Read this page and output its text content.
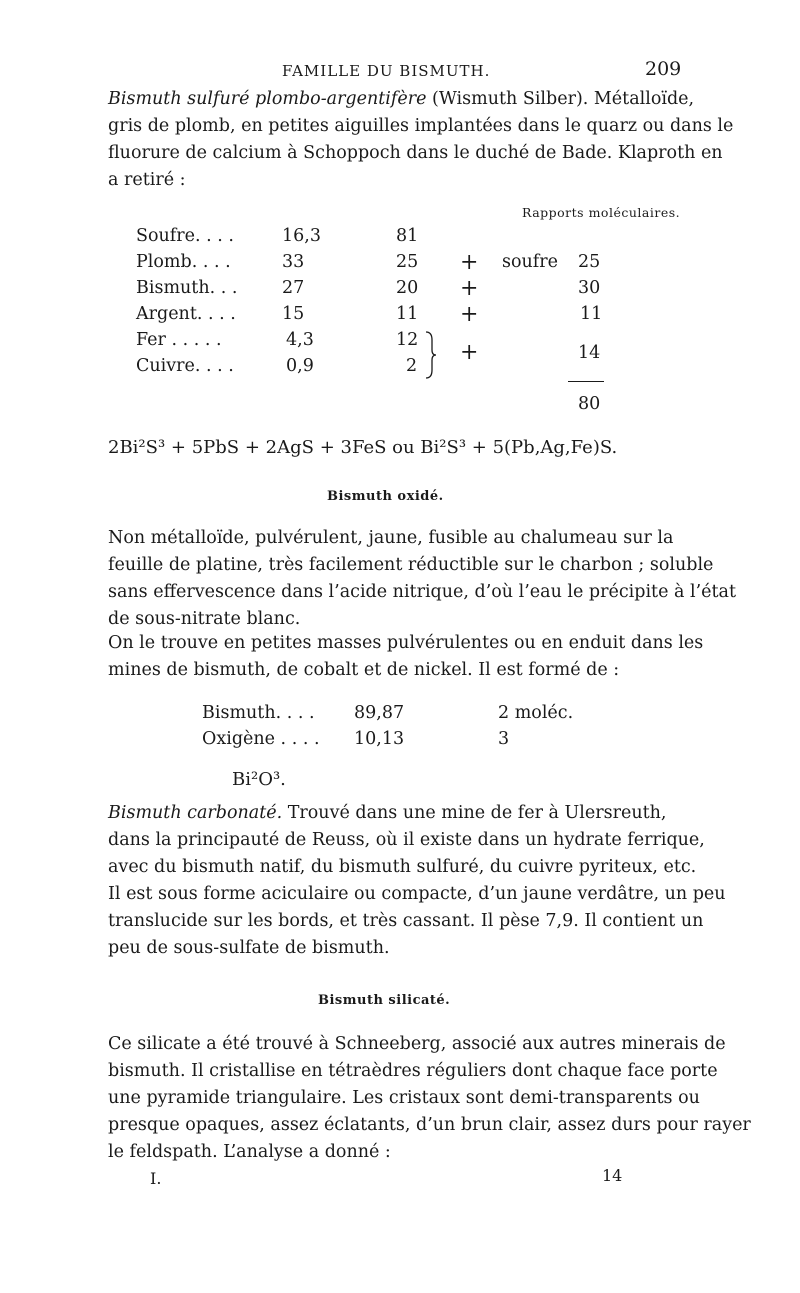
FAMILLE DU BISMUTH.	209
Bismuth sulfuré plombo-argentifère (Wismuth Silber). Métalloïde,
gris de plomb, en petites aiguilles implantées dans le quarz ou dans le
fluorure de calcium à Schoppoch dans le duché de Bade. Klaproth en
a retiré :
Rapports moléculaires.
Soufre. . . .	16,3	81
Plomb. . . .	33	25 + soufre 25
Bismuth. . .	27	20 +	30
Argent. . . .	15	11 +	11
Fer . . . . .	4,3	12
Cuivre. . . .	0,9	2
+	14
80
2Bi²S³ + 5PbS + 2AgS + 3FeS ou Bi²S³ + 5(Pb,Ag,Fe)S.
Bismuth oxidé.
Non métalloïde, pulvérulent, jaune, fusible au chalumeau sur la
feuille de platine, très facilement réductible sur le charbon ; soluble
sans effervescence dans l’acide nitrique, d’où l’eau le précipite à l’état
de sous-nitrate blanc.
On le trouve en petites masses pulvérulentes ou en enduit dans les
mines de bismuth, de cobalt et de nickel. Il est formé de :
Bismuth. . . . 89,87	2 moléc.
Oxigène . . . . 10,13	3
Bi²O³.
Bismuth carbonaté. Trouvé dans une mine de fer à Ulersreuth,
dans la principauté de Reuss, où il existe dans un hydrate ferrique,
avec du bismuth natif, du bismuth sulfuré, du cuivre pyriteux, etc.
Il est sous forme aciculaire ou compacte, d’un jaune verdâtre, un peu
translucide sur les bords, et très cassant. Il pèse 7,9. Il contient un
peu de sous-sulfate de bismuth.
Bismuth silicaté.
Ce silicate a été trouvé à Schneeberg, associé aux autres minerais de
bismuth. Il cristallise en tétraèdres réguliers dont chaque face porte
une pyramide triangulaire. Les cristaux sont demi-transparents ou
presque opaques, assez éclatants, d’un brun clair, assez durs pour rayer
le feldspath. L’analyse a donné :
I.	14
